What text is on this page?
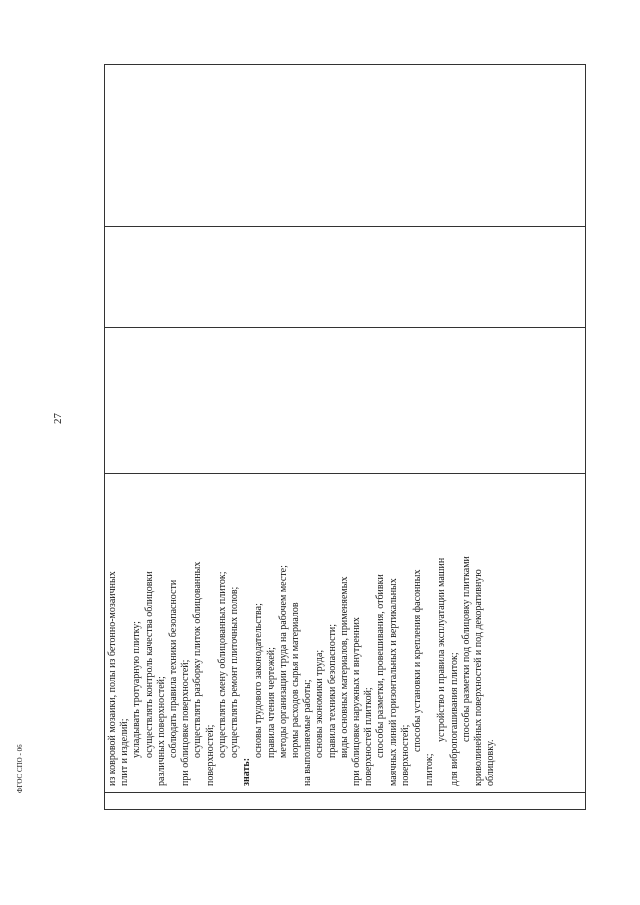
27

из ковровой мозаики, полы из бетонно-мозаичных плит и изделий; укладывать тротуарную плитку; осуществлять контроль качества облицовки различных поверхностей; соблюдать правила техники безопасности при облицовке поверхностей; осуществлять разборку плиток облицованных поверхностей; осуществлять смену облицованных плиток; осуществлять ремонт плиточных полов;
знать:
основы трудового законодательства; правила чтения чертежей; методы организации труда на рабочем месте; нормы расходов сырья и материалов на выполняемые работы; основы экономики труда; правила техники безопасности; виды основных материалов, применяемых при облицовке наружных и внутренних поверхностей плиткой; способы разметки, провешивания, отбивки маячных линий горизонтальных и вертикальных поверхностей;
способы установки и крепления фасонных
плиток;
устройство и правила эксплуатации машин для вибропогашивания плиток; способы разметки под облицовку плитками криволинейных поверхностей и под декоративную облицовку.

ФГОС СПО - 06
